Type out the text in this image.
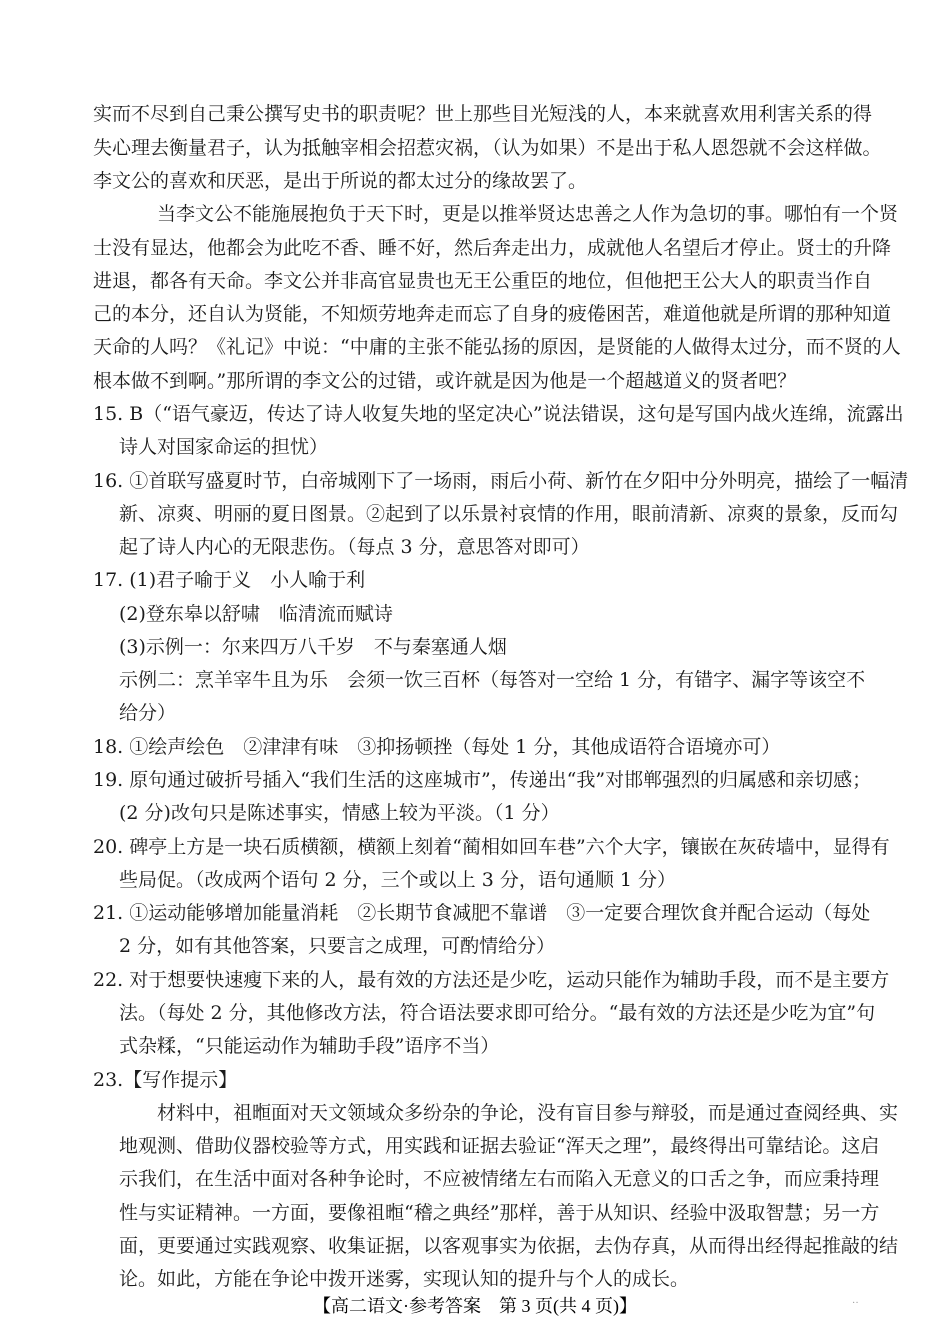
实而不尽到自己秉公撰写史书的职责呢？世上那些目光短浅的人，本来就喜欢用利害关系的得
失心理去衡量君子，认为抵触宰相会招惹灾祸，（认为如果）不是出于私人恩怨就不会这样做。
李文公的喜欢和厌恶，是出于所说的都太过分的缘故罢了。
当李文公不能施展抱负于天下时，更是以推举贤达忠善之人作为急切的事。哪怕有一个贤
士没有显达，他都会为此吃不香、睡不好，然后奔走出力，成就他人名望后才停止。贤士的升降
进退，都各有天命。李文公并非高官显贵也无王公重臣的地位，但他把王公大人的职责当作自
己的本分，还自认为贤能，不知烦劳地奔走而忘了自身的疲倦困苦，难道他就是所谓的那种知道
天命的人吗？《礼记》中说：“中庸的主张不能弘扬的原因，是贤能的人做得太过分，而不贤的人
根本做不到啊。”那所谓的李文公的过错，或许就是因为他是一个超越道义的贤者吧？
15. B（“语气豪迈，传达了诗人收复失地的坚定决心”说法错误，这句是写国内战火连绵，流露出
诗人对国家命运的担忧）
16. ①首联写盛夏时节，白帝城刚下了一场雨，雨后小荷、新竹在夕阳中分外明亮，描绘了一幅清
新、凉爽、明丽的夏日图景。②起到了以乐景衬哀情的作用，眼前清新、凉爽的景象，反而勾
起了诗人内心的无限悲伤。（每点 3 分，意思答对即可）
17. (1)君子喻于义　小人喻于利
(2)登东皋以舒啸　临清流而赋诗
(3)示例一：尔来四万八千岁　不与秦塞通人烟
示例二：烹羊宰牛且为乐　会须一饮三百杯（每答对一空给 1 分，有错字、漏字等该空不
给分）
18. ①绘声绘色　②津津有味　③抑扬顿挫（每处 1 分，其他成语符合语境亦可）
19. 原句通过破折号插入“我们生活的这座城市”，传递出“我”对邯郸强烈的归属感和亲切感；
(2 分)改句只是陈述事实，情感上较为平淡。（1 分）
20. 碑亭上方是一块石质横额，横额上刻着“蔺相如回车巷”六个大字，镶嵌在灰砖墙中，显得有
些局促。（改成两个语句 2 分，三个或以上 3 分，语句通顺 1 分）
21. ①运动能够增加能量消耗　②长期节食减肥不靠谱　③一定要合理饮食并配合运动（每处
2 分，如有其他答案，只要言之成理，可酌情给分）
22. 对于想要快速瘦下来的人，最有效的方法还是少吃，运动只能作为辅助手段，而不是主要方
法。（每处 2 分，其他修改方法，符合语法要求即可给分。“最有效的方法还是少吃为宜”句
式杂糅，“只能运动作为辅助手段”语序不当）
23.【写作提示】
材料中，祖暅面对天文领域众多纷杂的争论，没有盲目参与辩驳，而是通过查阅经典、实
地观测、借助仪器校验等方式，用实践和证据去验证“浑天之理”，最终得出可靠结论。这启
示我们，在生活中面对各种争论时，不应被情绪左右而陷入无意义的口舌之争，而应秉持理
性与实证精神。一方面，要像祖暅“稽之典经”那样，善于从知识、经验中汲取智慧；另一方
面，更要通过实践观察、收集证据，以客观事实为依据，去伪存真，从而得出经得起推敲的结
论。如此，方能在争论中拨开迷雾，实现认知的提升与个人的成长。
【高二语文·参考答案　第 3 页(共 4 页)】	··
